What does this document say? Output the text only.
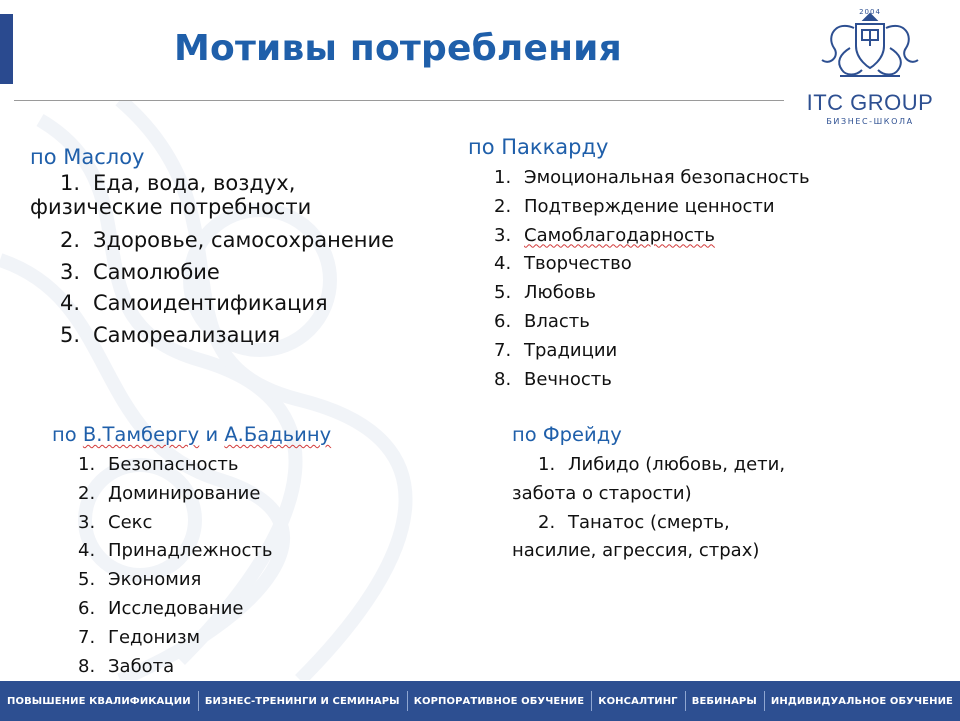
Мотивы потребления
2004
ITC GROUP
БИЗНЕС-ШКОЛА
по Маслоу
1. Еда, вода, воздух,
физические потребности
2. Здоровье, самосохранение
3. Самолюбие
4. Самоидентификация
5. Самореализация
по Паккарду
1. Эмоциональная безопасность
2. Подтверждение ценности
3. Самоблагодарность
4. Творчество
5. Любовь
6. Власть
7. Традиции
8. Вечность
по В.Тамбергу и А.Бадьину
1. Безопасность
2. Доминирование
3. Секс
4. Принадлежность
5. Экономия
6. Исследование
7. Гедонизм
8. Забота
по Фрейду
1. Либидо (любовь, дети,
забота о старости)
2. Танатос (смерть,
насилие, агрессия, страх)
ПОВЫШЕНИЕ КВАЛИФИКАЦИИ	БИЗНЕС-ТРЕНИНГИ И СЕМИНАРЫ	КОРПОРАТИВНОЕ ОБУЧЕНИЕ	КОНСАЛТИНГ	ВЕБИНАРЫ	ИНДИВИДУАЛЬНОЕ ОБУЧЕНИЕ
